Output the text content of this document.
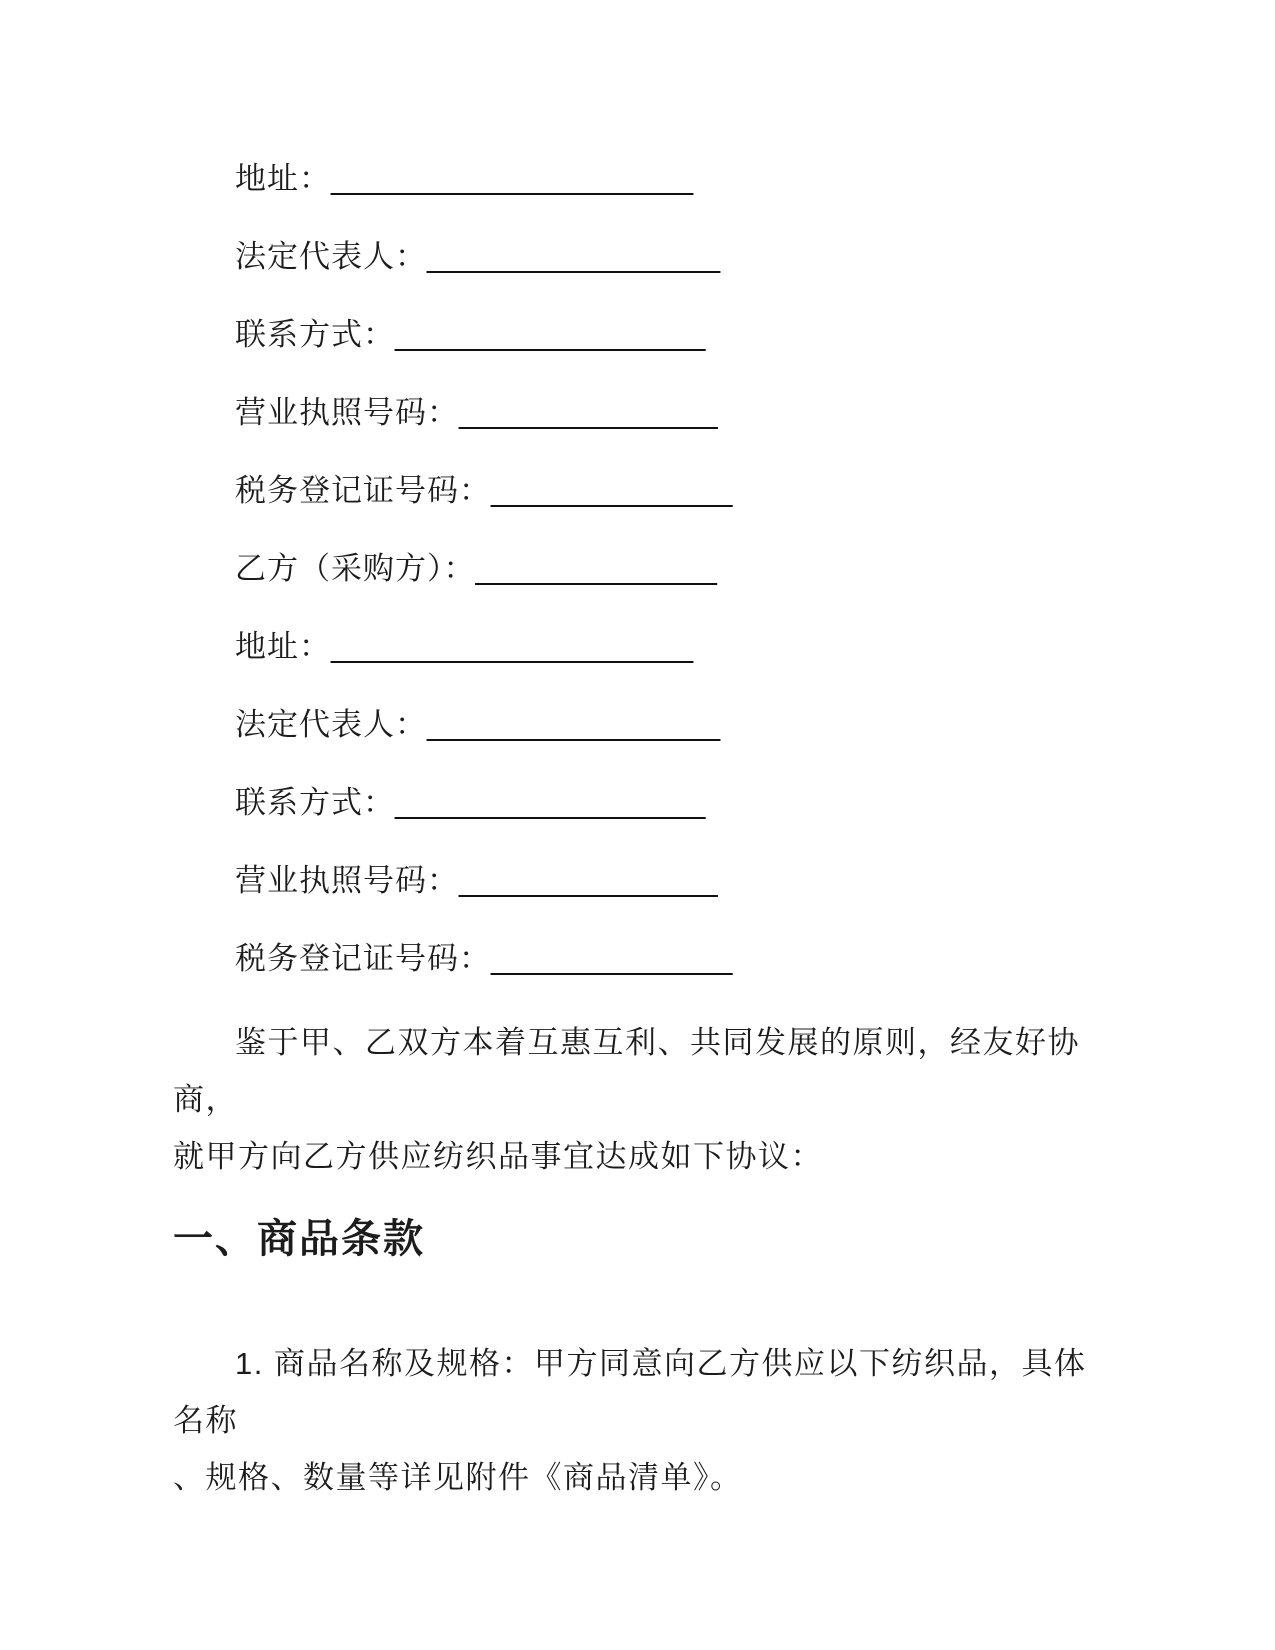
地址：_____________________
法定代表人：_________________
联系方式：__________________
营业执照号码：_______________
税务登记证号码：______________
乙方（采购方）：______________
地址：_____________________
法定代表人：_________________
联系方式：__________________
营业执照号码：_______________
税务登记证号码：______________
鉴于甲、乙双方本着互惠互利、共同发展的原则，经友好协商，
就甲方向乙方供应纺织品事宜达成如下协议：
一、商品条款
1. 商品名称及规格：甲方同意向乙方供应以下纺织品，具体名称
、规格、数量等详见附件《商品清单》。
